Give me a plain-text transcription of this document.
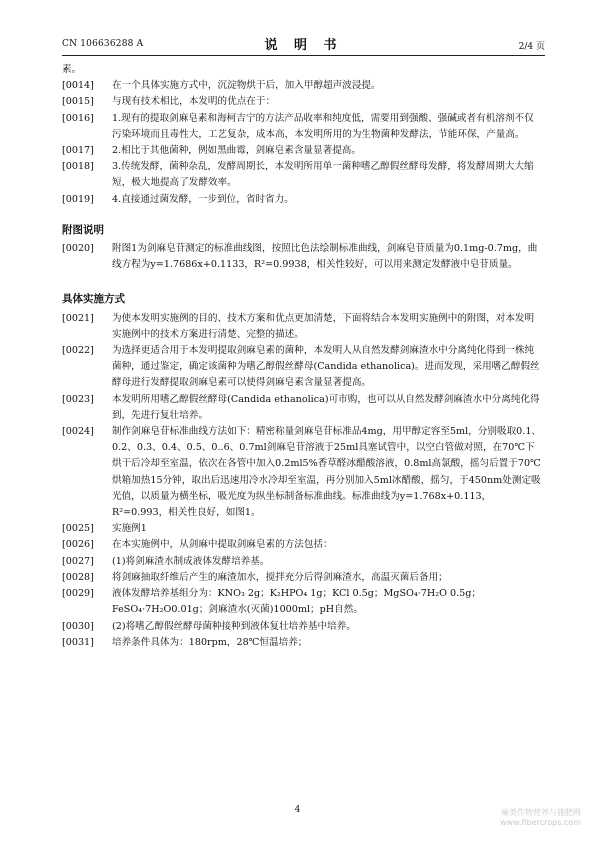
CN 106636288 A	说 明 书	2/4 页
素。
[0014]	在一个具体实施方式中，沉淀物烘干后，加入甲醇超声波浸提。
[0015]	与现有技术相比，本发明的优点在于：
[0016]	1.现有的提取剑麻皂素和海柯吉宁的方法产品收率和纯度低，需要用到强酸、强碱或者有机溶剂不仅污染环境而且毒性大，工艺复杂，成本高，本发明所用的为生物菌种发酵法，节能环保，产量高。
[0017]	2.相比于其他菌种，例如黑曲霉，剑麻皂素含量显著提高。
[0018]	3.传统发酵，菌种杂乱，发酵周期长，本发明所用单一菌种嗜乙醇假丝酵母发酵，将发酵周期大大缩短，极大地提高了发酵效率。
[0019]	4.直接通过菌发酵，一步到位，省时省力。
附图说明
[0020]	附图1为剑麻皂苷测定的标准曲线图，按照比色法绘制标准曲线，剑麻皂苷质量为0.1mg-0.7mg，曲线方程为y=1.7686x+0.1133，R²=0.9938，相关性较好，可以用来测定发酵液中皂苷质量。
具体实施方式
[0021]	为使本发明实施例的目的、技术方案和优点更加清楚，下面将结合本发明实施例中的附图，对本发明实施例中的技术方案进行清楚、完整的描述。
[0022]	为选择更适合用于本发明提取剑麻皂素的菌种，本发明人从自然发酵剑麻渣水中分离纯化得到一株纯菌种，通过鉴定，确定该菌种为嗜乙醇假丝酵母(Candida ethanolica)。进而发现，采用嗜乙醇假丝酵母进行发酵提取剑麻皂素可以使得剑麻皂素含量显著提高。
[0023]	本发明所用嗜乙醇假丝酵母(Candida ethanolica)可市购，也可以从自然发酵剑麻渣水中分离纯化得到，先进行复壮培养。
[0024]	制作剑麻皂苷标准曲线方法如下：精密称量剑麻皂苷标准品4mg，用甲醇定容至5ml，分别吸取0.1、0.2、0.3、0.4、0.5、0..6、0.7ml剑麻皂苷溶液于25ml具塞试管中，以空白管做对照，在70℃下烘干后冷却至室温，依次在各管中加入0.2ml5%香草醛冰醋酸溶液，0.8ml高氯酸，摇匀后置于70℃烘箱加热15分钟，取出后迅速用冷水冷却至室温，再分别加入5ml冰醋酸，摇匀，于450nm处测定吸光值，以质量为横坐标，吸光度为纵坐标制备标准曲线。标准曲线为y=1.768x+0.113，R²=0.993，相关性良好，如图1。
[0025]	实施例1
[0026]	在本实施例中，从剑麻中提取剑麻皂素的方法包括：
[0027]	(1)将剑麻渣水制成液体发酵培养基。
[0028]	将剑麻抽取纤维后产生的麻渣加水，搅拌充分后得剑麻渣水，高温灭菌后备用；
[0029]	液体发酵培养基组分为：KNO₃ 2g；K₂HPO₄ 1g；KCl 0.5g；MgSO₄·7H₂O 0.5g；FeSO₄·7H₂O0.01g；剑麻渣水(灭菌)1000ml；pH自然。
[0030]	(2)将嗜乙醇假丝酵母菌种接种到液体复壮培养基中培养。
[0031]	培养条件具体为：180rpm，28℃恒温培养；
4	麻类作物营养与施肥网
www.fibercrops.com
